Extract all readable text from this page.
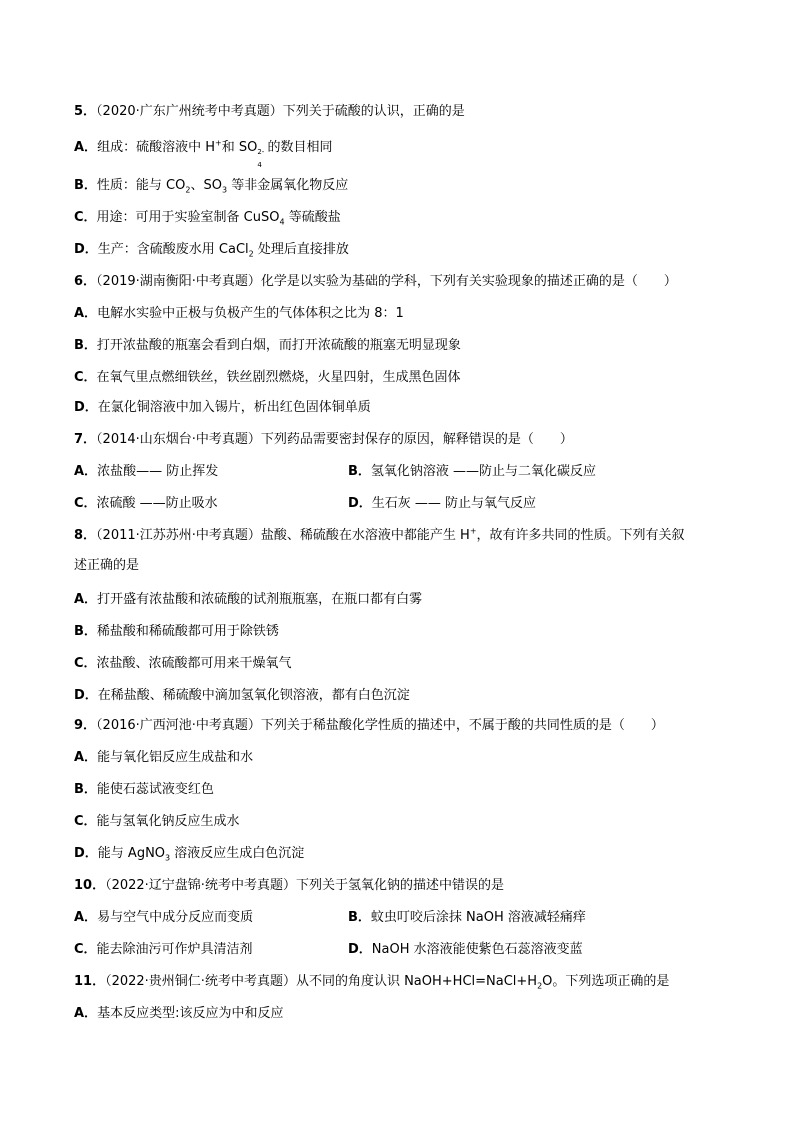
5．（2020·广东广州统考中考真题）下列关于硫酸的认识，正确的是
A．组成：硫酸溶液中 H+和 SO 2-
4
的数目相同
B．性质：能与 $CO_2$、$SO_3$ 等非金属氧化物反应
C．用途：可用于实验室制备 CuSO$_4$ 等硫酸盐
D．生产：含硫酸废水用 CaCl$_2$ 处理后直接排放
6．（2019·湖南衡阳·中考真题）化学是以实验为基础的学科，下列有关实验现象的描述正确的是（　　）
A．电解水实验中正极与负极产生的气体体积之比为 8：1
B．打开浓盐酸的瓶塞会看到白烟，而打开浓硫酸的瓶塞无明显现象
C．在氧气里点燃细铁丝，铁丝剧烈燃烧，火星四射，生成黑色固体
D．在氯化铜溶液中加入锡片，析出红色固体铜单质
7．（2014·山东烟台·中考真题）下列药品需要密封保存的原因，解释错误的是（　　）
A．浓盐酸—— 防止挥发	B．氢氧化钠溶液 ——防止与二氧化碳反应
C．浓硫酸 ——防止吸水	D．生石灰 —— 防止与氧气反应
8．（2011·江苏苏州·中考真题）盐酸、稀硫酸在水溶液中都能产生 H+，故有许多共同的性质。下列有关叙
述正确的是
A．打开盛有浓盐酸和浓硫酸的试剂瓶瓶塞，在瓶口都有白雾
B．稀盐酸和稀硫酸都可用于除铁锈
C．浓盐酸、浓硫酸都可用来干燥氧气
D．在稀盐酸、稀硫酸中滴加氢氧化钡溶液，都有白色沉淀
9．（2016·广西河池·中考真题）下列关于稀盐酸化学性质的描述中，不属于酸的共同性质的是（　　）
A．能与氧化铝反应生成盐和水
B．能使石蕊试液变红色
C．能与氢氧化钠反应生成水
D．能与 AgNO$_3$ 溶液反应生成白色沉淀
10．（2022·辽宁盘锦·统考中考真题）下列关于氢氧化钠的描述中错误的是
A．易与空气中成分反应而变质	B．蚊虫叮咬后涂抹 NaOH 溶液减轻痛痒
C．能去除油污可作炉具清洁剂	D．NaOH 水溶液能使紫色石蕊溶液变蓝
11．（2022·贵州铜仁·统考中考真题）从不同的角度认识 $NaOH+HCl=NaCl+H_2O$。下列选项正确的是
A．基本反应类型:该反应为中和反应
